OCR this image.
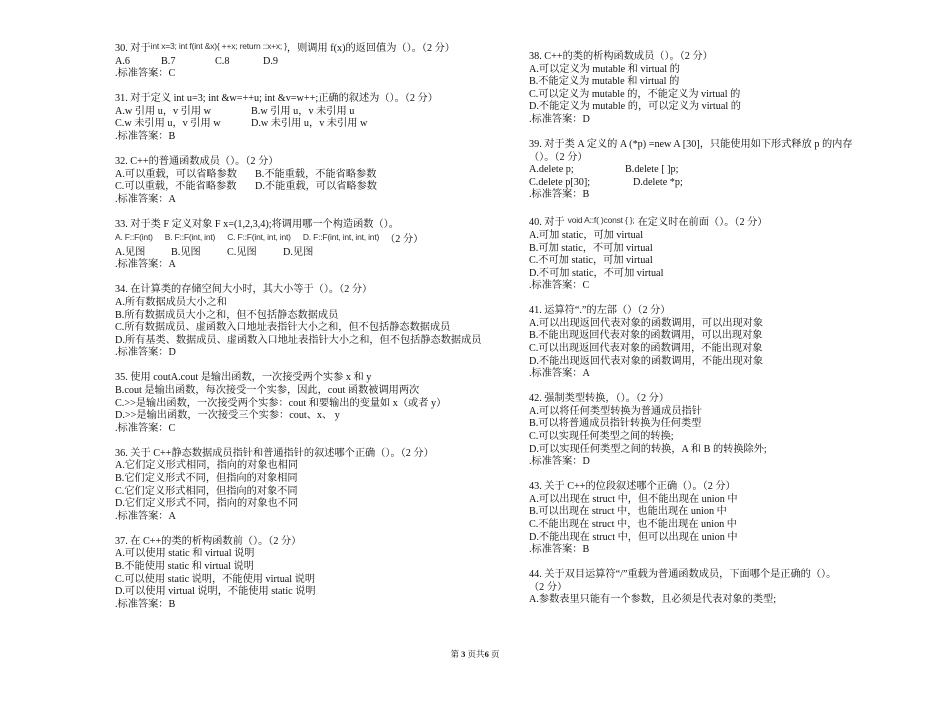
30. 对于int x=3; int f(int &x){ ++x; return ::x+x; }，则调用 f(x)的返回值为（）。（2 分）
A.6	B.7	C.8	D.9
.标准答案：C
31. 对于定义 int u=3; int &w=++u; int &v=w++;正确的叙述为（）。（2 分）
A.w 引用 u，v 引用 w	B.w 引用 u，v 未引用 u
C.w 未引用 u，v 引用 w	D.w 未引用 u，v 未引用 w
.标准答案：B
32. C++的普通函数成员（）。（2 分）
A.可以重载，可以省略参数 B.不能重载，不能省略参数
C.可以重载，不能省略参数 D.不能重载，可以省略参数
.标准答案：A
33. 对于类 F 定义对象 F x=(1,2,3,4);将调用哪一个构造函数（）。
A. F::F(int) B. F::F(int, int) C. F::F(int, int, int) D. F::F(int, int, int, int) （2 分）
A.见图	B.见图	C.见图	D.见图
.标准答案：A
34. 在计算类的存储空间大小时，其大小等于（）。（2 分）
A.所有数据成员大小之和
B.所有数据成员大小之和，但不包括静态数据成员
C.所有数据成员、虚函数入口地址表指针大小之和，但不包括静态数据成员
D.所有基类、数据成员、虚函数入口地址表指针大小之和，但不包括静态数据成员
.标准答案：D
35. 使用 coutA.cout 是输出函数，一次接受两个实参 x 和 y
B.cout 是输出函数，每次接受一个实参，因此，cout 函数被调用两次
C.>>是输出函数，一次接受两个实参：cout 和要输出的变量如 x（或者 y）
D.>>是输出函数，一次接受三个实参：cout、x、 y
.标准答案：C
36. 关于 C++静态数据成员指针和普通指针的叙述哪个正确（）。（2 分）
A.它们定义形式相同，指向的对象也相同
B.它们定义形式不同，但指向的对象相同
C.它们定义形式相同，但指向的对象不同
D.它们定义形式不同，指向的对象也不同
.标准答案：A
37. 在 C++的类的析构函数前（）。（2 分）
A.可以使用 static 和 virtual 说明
B.不能使用 static 和 virtual 说明
C.可以使用 static 说明，不能使用 virtual 说明
D.可以使用 virtual 说明，不能使用 static 说明
.标准答案：B
38. C++的类的析构函数成员（）。（2 分）
A.可以定义为 mutable 和 virtual 的
B.不能定义为 mutable 和 virtual 的
C.可以定义为 mutable 的，不能定义为 virtual 的
D.不能定义为 mutable 的，可以定义为 virtual 的
.标准答案：D
39. 对于类 A 定义的 A (*p) =new A [30]，只能使用如下形式释放 p 的内存
（）。（2 分）
A.delete p;	B.delete [ ]p;
C.delete p[30];	D.delete *p;
.标准答案：B
40. 对于 void A::f( )const { }; 在定义时在前面（）。（2 分）
A.可加 static，可加 virtual
B.可加 static，不可加 virtual
C.不可加 static，可加 virtual
D.不可加 static，不可加 virtual
.标准答案：C
41. 运算符“.”的左部（）（2 分）
A.可以出现返回代表对象的函数调用，可以出现对象
B.不能出现返回代表对象的函数调用，可以出现对象
C.可以出现返回代表对象的函数调用，不能出现对象
D.不能出现返回代表对象的函数调用，不能出现对象
.标准答案：A
42. 强制类型转换，（）。（2 分）
A.可以将任何类型转换为普通成员指针
B.可以将普通成员指针转换为任何类型
C.可以实现任何类型之间的转换;
D.可以实现任何类型之间的转换，A 和 B 的转换除外;
.标准答案：D
43. 关于 C++的位段叙述哪个正确（）。（2 分）
A.可以出现在 struct 中，但不能出现在 union 中
B.可以出现在 struct 中，也能出现在 union 中
C.不能出现在 struct 中，也不能出现在 union 中
D.不能出现在 struct 中，但可以出现在 union 中
.标准答案：B
44. 关于双目运算符“/”重载为普通函数成员，下面哪个是正确的（）。
（2 分）
A.参数表里只能有一个参数，且必须是代表对象的类型;
第 3 页共6 页
